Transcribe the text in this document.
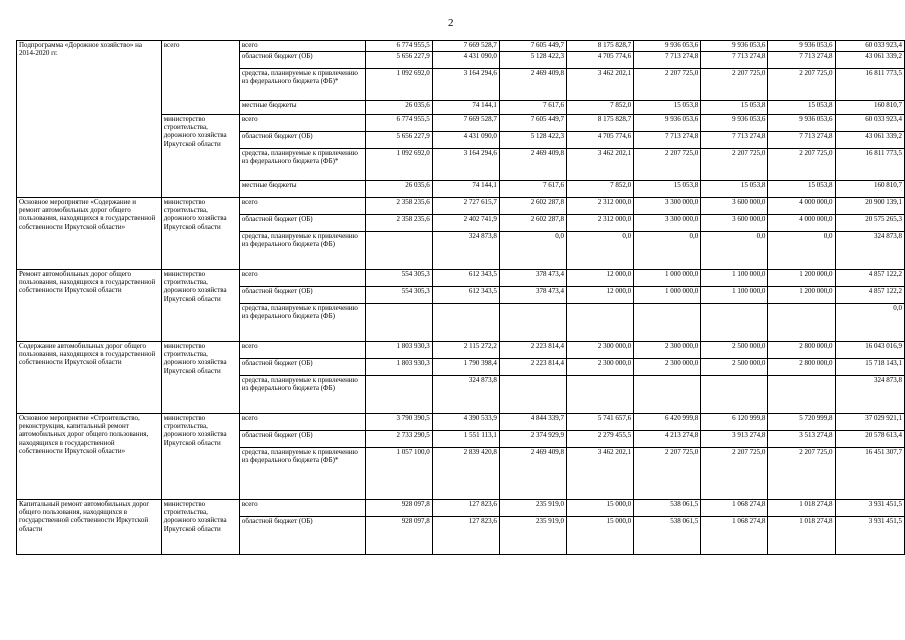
2
Подпрограмма «Дорожное хозяйство» на 2014-2020 гг.	всего	всего	6 774 955,5	7 669 528,7	7 605 449,7	8 175 828,7	9 936 053,6	9 936 053,6	9 936 053,6	60 033 923,4
		областной бюджет (ОБ)	5 656 227,9	4 431 090,0	5 128 422,3	4 705 774,6	7 713 274,8	7 713 274,8	7 713 274,8	43 061 339,2
		средства, планируемые к привлечению из федерального бюджета (ФБ)*	1 092 692,0	3 164 294,6	2 469 409,8	3 462 202,1	2 207 725,0	2 207 725,0	2 207 725,0	16 811 773,5
		местные бюджеты	26 035,6	74 144,1	7 617,6	7 852,0	15 053,8	15 053,8	15 053,8	160 810,7
	министерство строительства, дорожного хозяйства Иркутской области	всего	6 774 955,5	7 669 528,7	7 605 449,7	8 175 828,7	9 936 053,6	9 936 053,6	9 936 053,6	60 033 923,4
		областной бюджет (ОБ)	5 656 227,9	4 431 090,0	5 128 422,3	4 705 774,6	7 713 274,8	7 713 274,8	7 713 274,8	43 061 339,2
		средства, планируемые к привлечению из федерального бюджета (ФБ)*	1 092 692,0	3 164 294,6	2 469 409,8	3 462 202,1	2 207 725,0	2 207 725,0	2 207 725,0	16 811 773,5
		местные бюджеты	26 035,6	74 144,1	7 617,6	7 852,0	15 053,8	15 053,8	15 053,8	160 810,7
Основное мероприятие «Содержание и ремонт автомобильных дорог общего пользования, находящихся в государственной собственности Иркутской области»	министерство строительства, дорожного хозяйства Иркутской области	всего	2 358 235,6	2 727 615,7	2 602 287,8	2 312 000,0	3 300 000,0	3 600 000,0	4 000 000,0	20 900 139,1
		областной бюджет (ОБ)	2 358 235,6	2 402 741,9	2 602 287,8	2 312 000,0	3 300 000,0	3 600 000,0	4 000 000,0	20 575 265,3
		средства, планируемые к привлечению из федерального бюджета (ФБ)		324 873,8	0,0	0,0	0,0	0,0	0,0	324 873,8
Ремонт автомобильных дорог общего пользования, находящихся в государственной собственности Иркутской области	министерство строительства, дорожного хозяйства Иркутской области	всего	554 305,3	612 343,5	378 473,4	12 000,0	1 000 000,0	1 100 000,0	1 200 000,0	4 857 122,2
		областной бюджет (ОБ)	554 305,3	612 343,5	378 473,4	12 000,0	1 000 000,0	1 100 000,0	1 200 000,0	4 857 122,2
		средства, планируемые к привлечению из федерального бюджета (ФБ)								0,0
Содержание автомобильных дорог общего пользования, находящихся в государственной собственности Иркутской области	министерство строительства, дорожного хозяйства Иркутской области	всего	1 803 930,3	2 115 272,2	2 223 814,4	2 300 000,0	2 300 000,0	2 500 000,0	2 800 000,0	16 043 016,9
		областной бюджет (ОБ)	1 803 930,3	1 790 398,4	2 223 814,4	2 300 000,0	2 300 000,0	2 500 000,0	2 800 000,0	15 718 143,1
		средства, планируемые к привлечению из федерального бюджета (ФБ)		324 873,8						324 873,8
Основное мероприятие «Строительство, реконструкция, капитальный ремонт автомобильных дорог общего пользования, находящихся в государственной собственности Иркутской области»	министерство строительства, дорожного хозяйства Иркутской области	всего	3 790 390,5	4 390 533,9	4 844 339,7	5 741 657,6	6 420 999,8	6 120 999,8	5 720 999,8	37 029 921,1
		областной бюджет (ОБ)	2 733 290,5	1 551 113,1	2 374 929,9	2 279 455,5	4 213 274,8	3 913 274,8	3 513 274,8	20 578 613,4
		средства, планируемые к привлечению из федерального бюджета (ФБ)*	1 057 100,0	2 839 420,8	2 469 409,8	3 462 202,1	2 207 725,0	2 207 725,0	2 207 725,0	16 451 307,7
Капитальный ремонт автомобильных дорог общего пользования, находящихся в государственной собственности Иркутской области	министерство строительства, дорожного хозяйства Иркутской области	всего	928 097,8	127 823,6	235 919,0	15 000,0	538 061,5	1 068 274,8	1 018 274,8	3 931 451,5
		областной бюджет (ОБ)	928 097,8	127 823,6	235 919,0	15 000,0	538 061,5	1 068 274,8	1 018 274,8	3 931 451,5
